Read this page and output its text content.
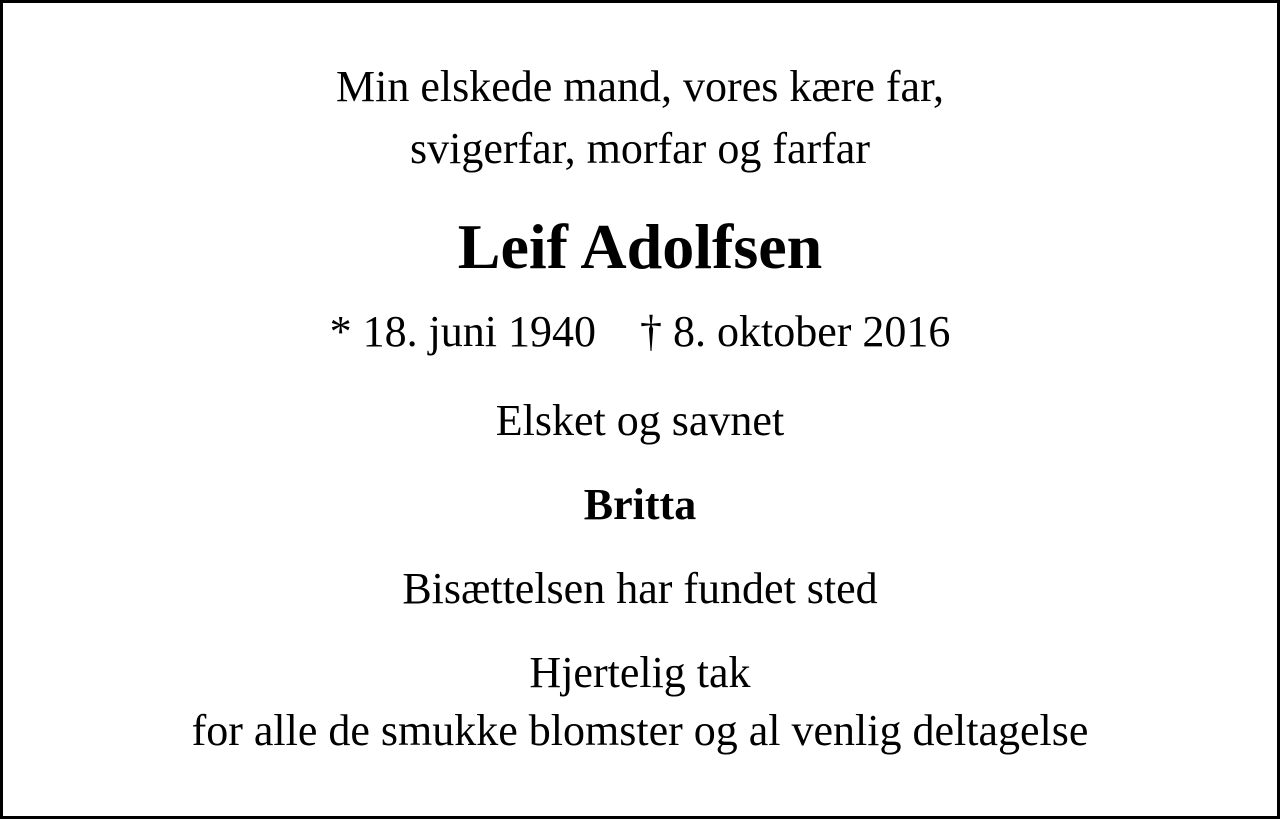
Min elskede mand, vores kære far,
svigerfar, morfar og farfar
Leif Adolfsen
* 18. juni 1940 † 8. oktober 2016
Elsket og savnet
Britta
Bisættelsen har fundet sted
Hjertelig tak
for alle de smukke blomster og al venlig deltagelse
